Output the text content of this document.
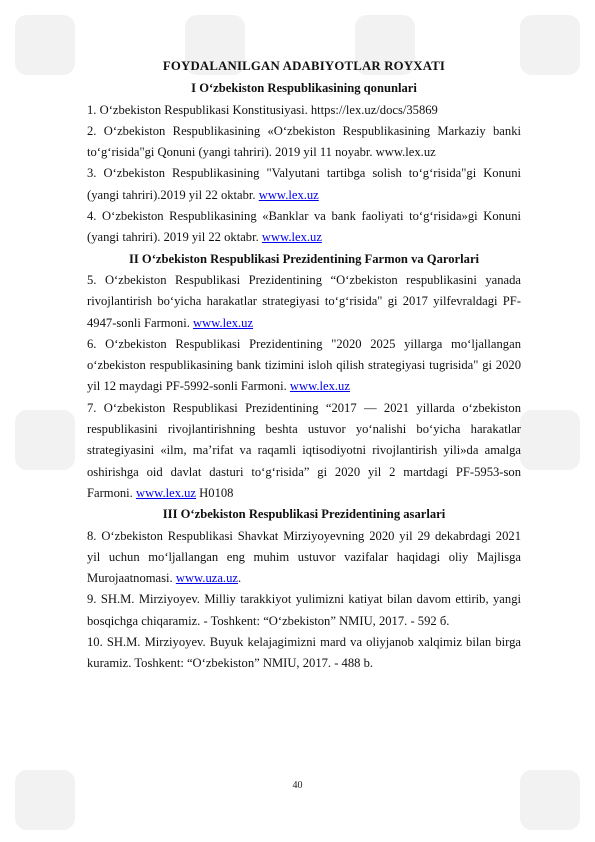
FOYDALANILGAN ADABIYOTLAR ROYXATI
I O‘zbekiston Respublikasining qonunlari

1. O‘zbekiston Respublikasi Konstitusiyasi. https://lex.uz/docs/35869

2. O‘zbekiston Respublikasining «O‘zbekiston Respublikasining Markaziy banki to‘g‘risida"gi Qonuni (yangi tahriri). 2019 yil 11 noyabr. www.lex.uz

3. O‘zbekiston Respublikasining "Valyutani tartibga solish to‘g‘risida"gi Konuni (yangi tahriri).2019 yil 22 oktabr. www.lex.uz

4. O‘zbekiston Respublikasining «Banklar va bank faoliyati to‘g‘risida»gi Konuni (yangi tahriri). 2019 yil 22 oktabr. www.lex.uz

II O‘zbekiston Respublikasi Prezidentining Farmon va Qarorlari

5. O‘zbekiston Respublikasi Prezidentining “O‘zbekiston respublikasini yanada rivojlantirish bo‘yicha harakatlar strategiyasi to‘g‘risida" gi 2017 yilfevraldagi PF-4947-sonli Farmoni. www.lex.uz

6. O‘zbekiston Respublikasi Prezidentining "2020 2025 yillarga mo‘ljallangan o‘zbekiston respublikasining bank tizimini isloh qilish strategiyasi tugrisida" gi 2020 yil 12 maydagi PF-5992-sonli Farmoni. www.lex.uz

7. O‘zbekiston Respublikasi Prezidentining “2017 — 2021 yillarda o‘zbekiston respublikasini rivojlantirishning beshta ustuvor yo‘nalishi bo‘yicha harakatlar strategiyasini «ilm, ma’rifat va raqamli iqtisodiyotni rivojlantirish yili»da amalga oshirishga oid davlat dasturi to‘g‘risida” gi 2020 yil 2 martdagi PF-5953-son Farmoni. www.lex.uz H0108

III O‘zbekiston Respublikasi Prezidentining asarlari

8. O‘zbekiston Respublikasi Shavkat Mirziyoyevning 2020 yil 29 dekabrdagi 2021 yil uchun mo‘ljallangan eng muhim ustuvor vazifalar haqidagi oliy Majlisga Murojaatnomasi. www.uza.uz.

9. SH.M. Mirziyoyev. Milliy tarakkiyot yulimizni katiyat bilan davom ettirib, yangi bosqichga chiqaramiz. - Toshkent: “O‘zbekiston” NMIU, 2017. - 592 б.

10. SH.M. Mirziyoyev. Buyuk kelajagimizni mard va oliyjanob xalqimiz bilan birga kuramiz. Toshkent: “O‘zbekiston” NMIU, 2017. - 488 b.

40
